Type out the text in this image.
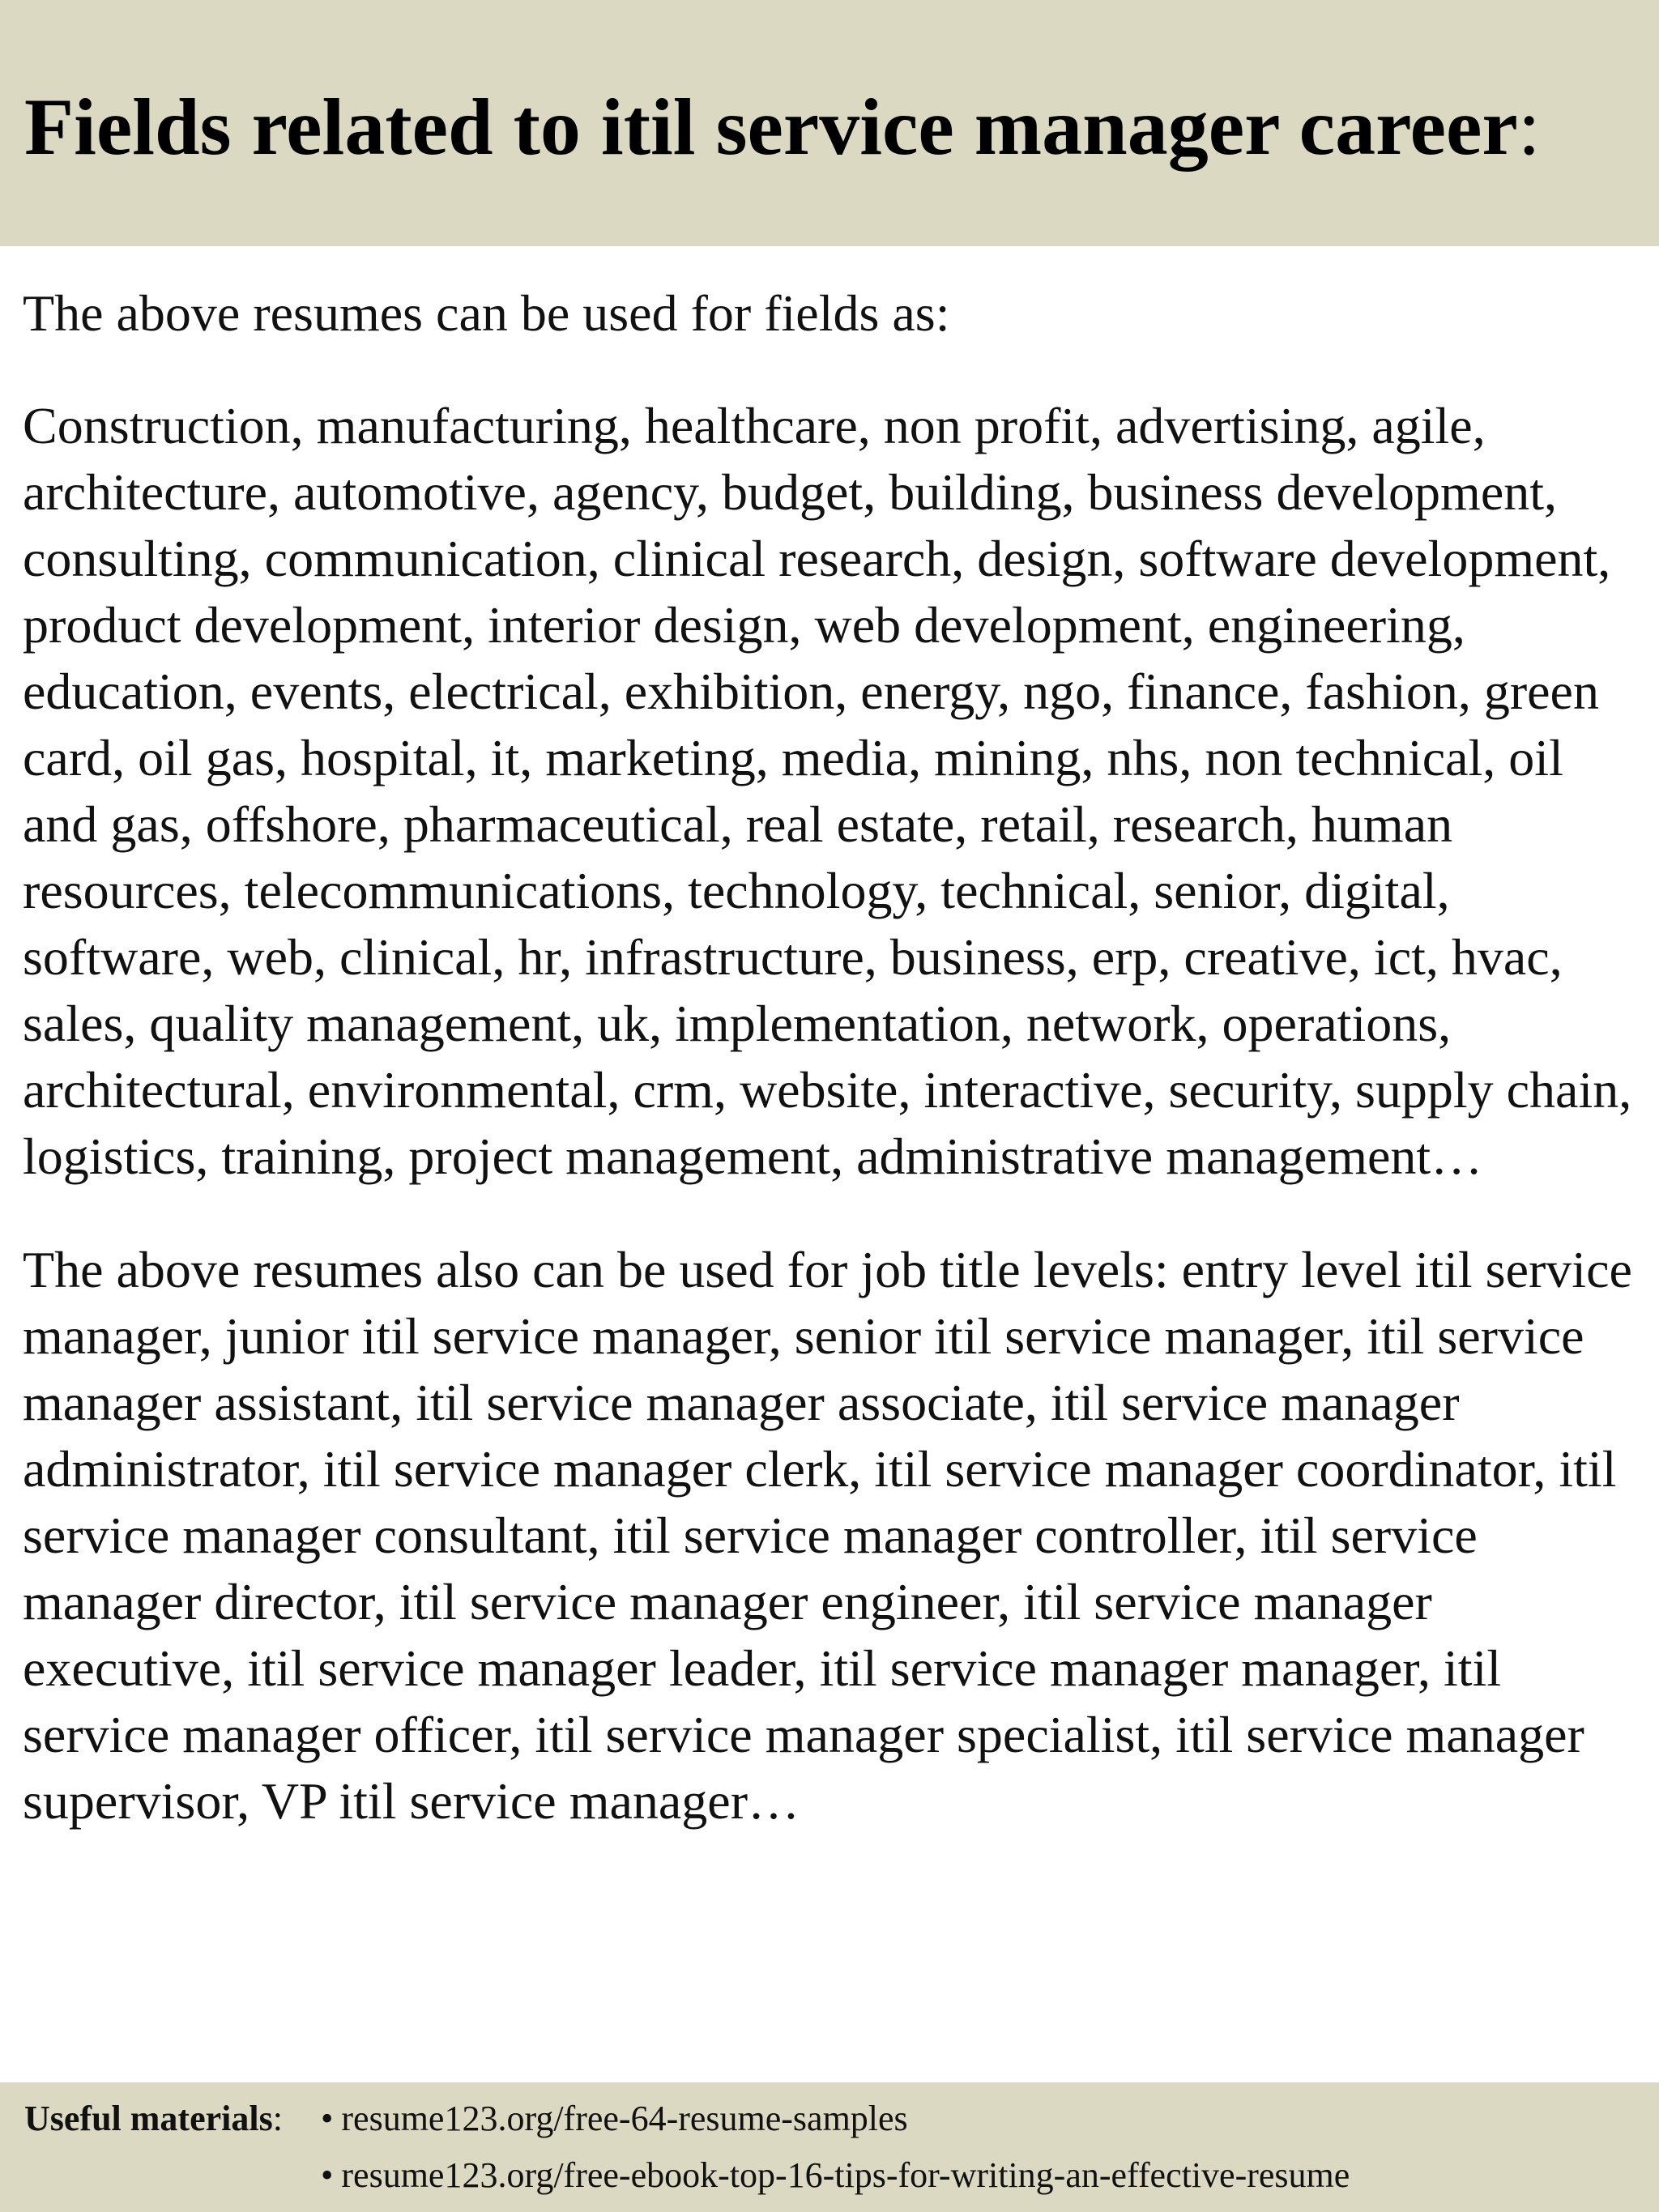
Fields related to itil service manager career:

The above resumes can be used for fields as:

Construction, manufacturing, healthcare, non profit, advertising, agile, architecture, automotive, agency, budget, building, business development, consulting, communication, clinical research, design, software development, product development, interior design, web development, engineering, education, events, electrical, exhibition, energy, ngo, finance, fashion, green card, oil gas, hospital, it, marketing, media, mining, nhs, non technical, oil and gas, offshore, pharmaceutical, real estate, retail, research, human resources, telecommunications, technology, technical, senior, digital, software, web, clinical, hr, infrastructure, business, erp, creative, ict, hvac, sales, quality management, uk, implementation, network, operations, architectural, environmental, crm, website, interactive, security, supply chain, logistics, training, project management, administrative management…

The above resumes also can be used for job title levels: entry level itil service manager, junior itil service manager, senior itil service manager, itil service manager assistant, itil service manager associate, itil service manager administrator, itil service manager clerk, itil service manager coordinator, itil service manager consultant, itil service manager controller, itil service manager director, itil service manager engineer, itil service manager executive, itil service manager leader, itil service manager manager, itil service manager officer, itil service manager specialist, itil service manager supervisor, VP itil service manager…

Useful materials: • resume123.org/free-64-resume-samples
• resume123.org/free-ebook-top-16-tips-for-writing-an-effective-resume
